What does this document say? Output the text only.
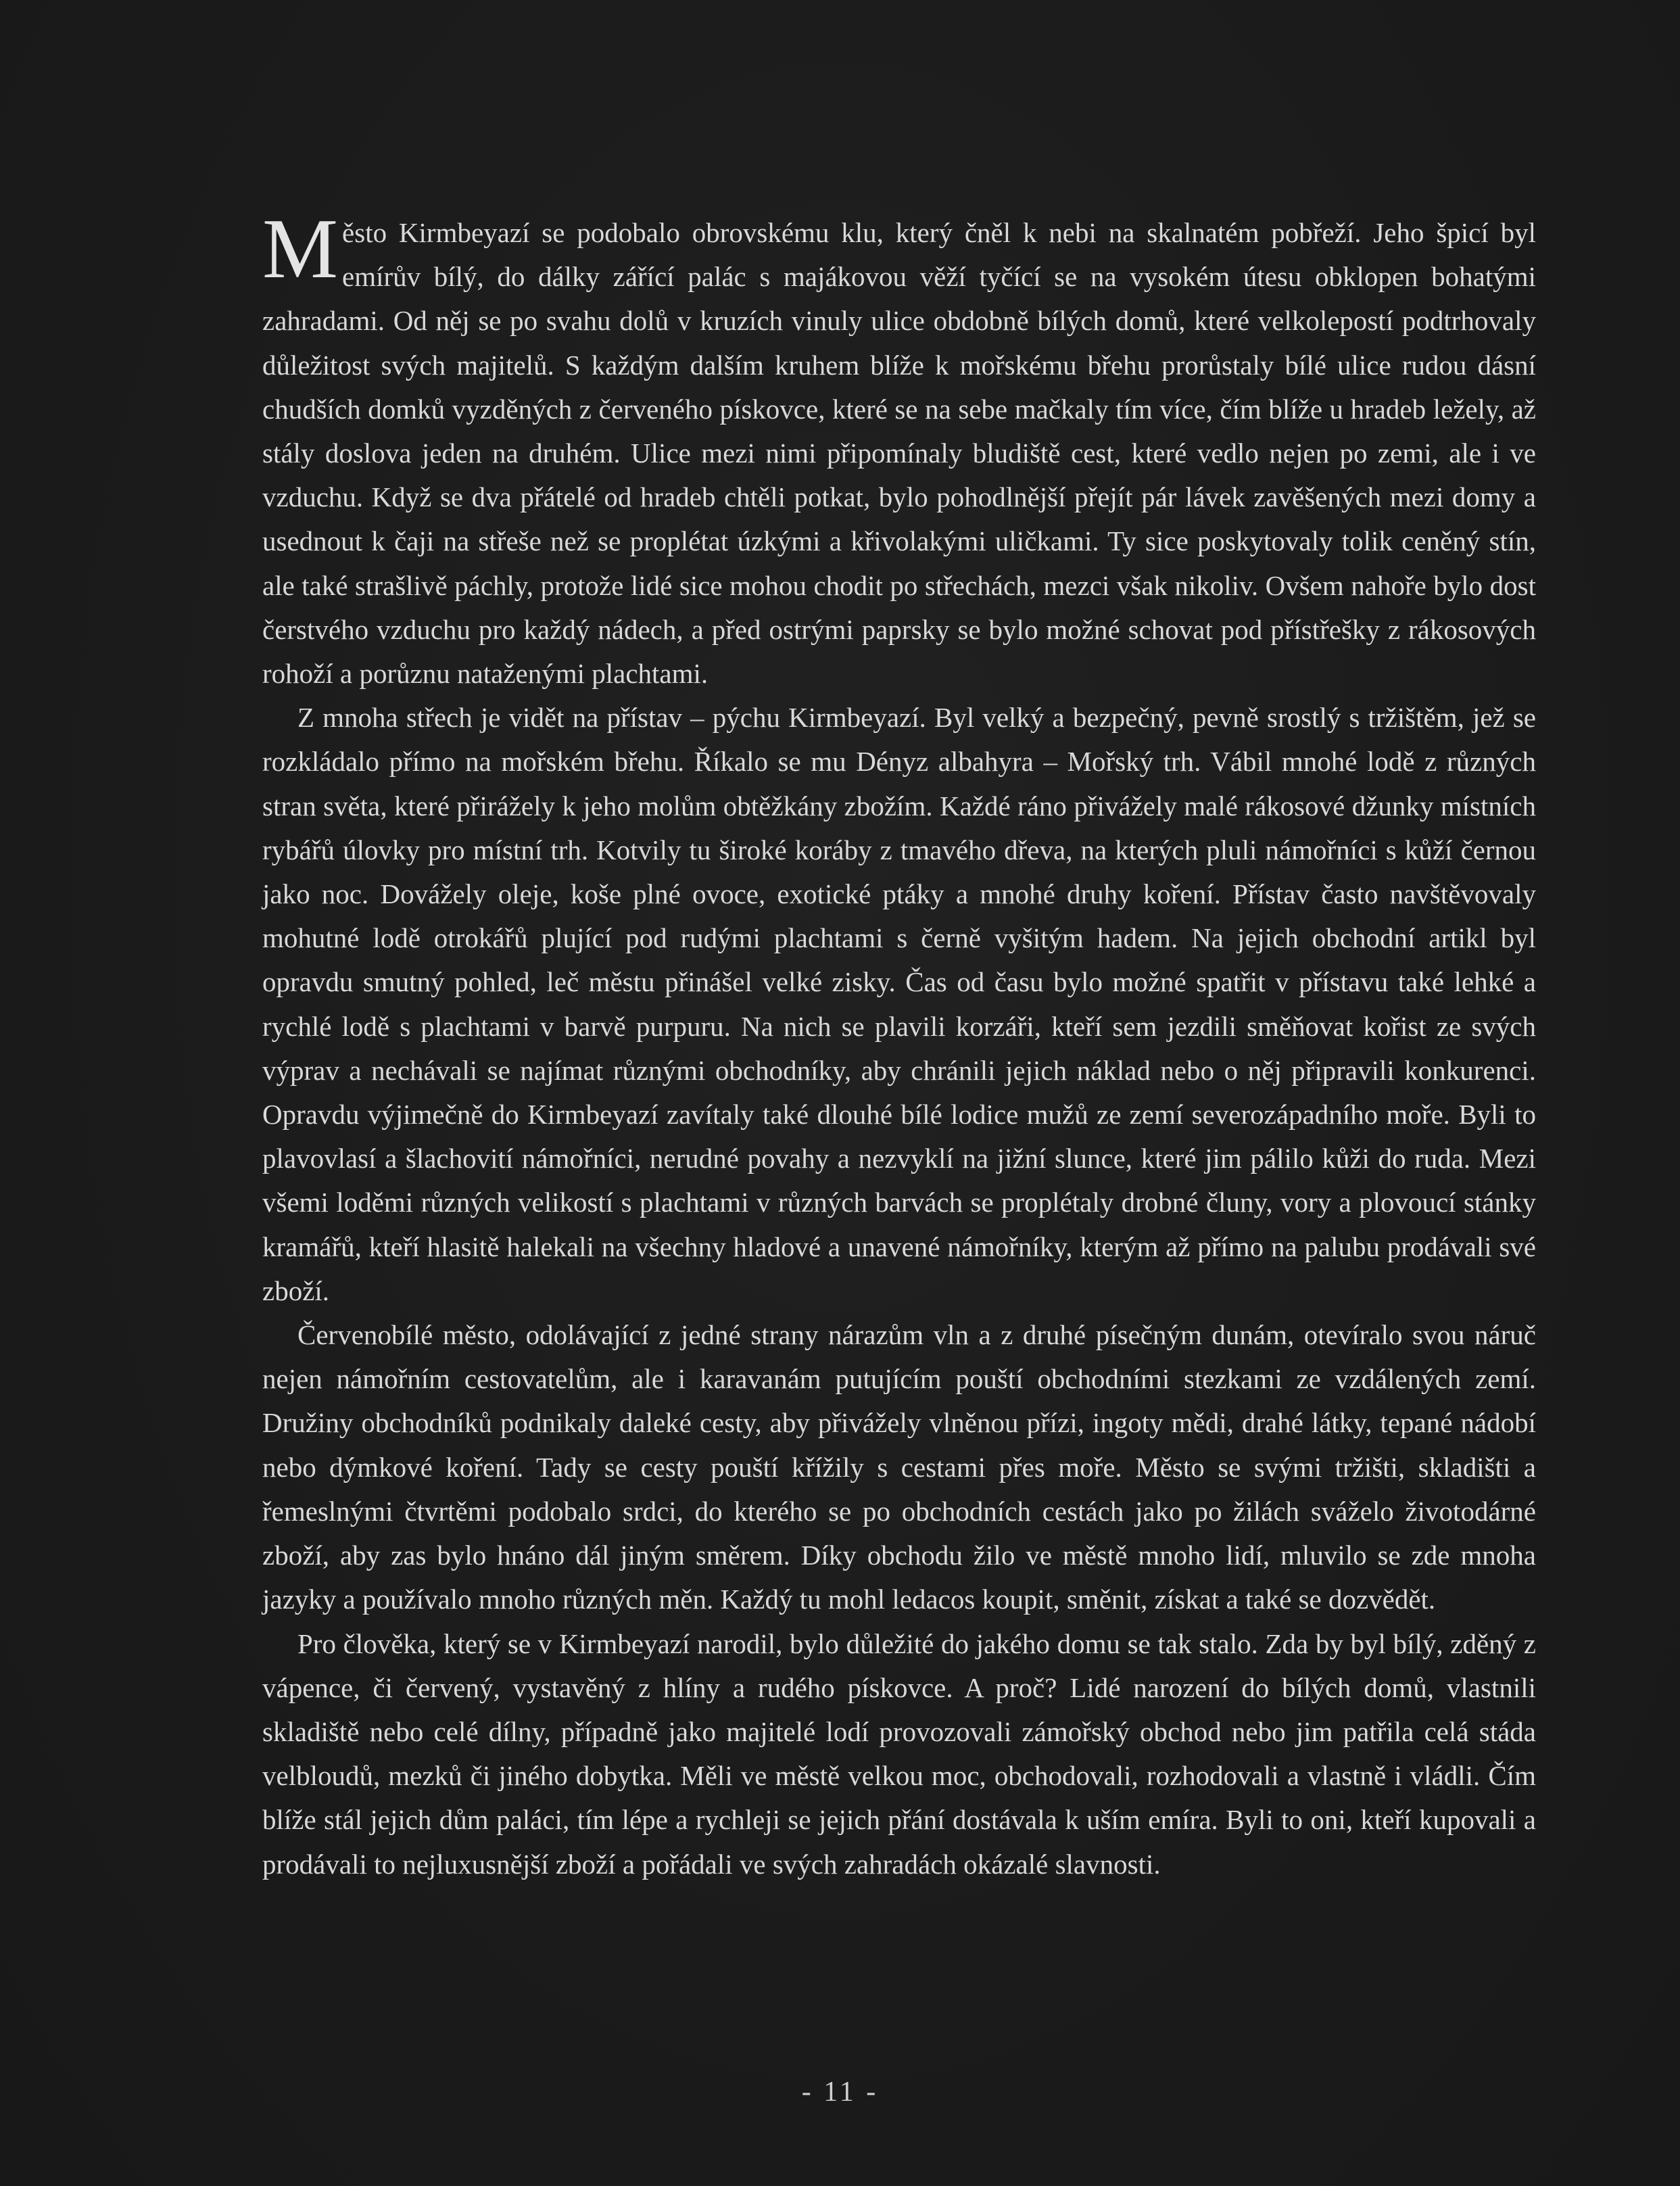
Město Kirmbeyazí se podobalo obrovskému klu, který čněl k nebi na skalnatém pobřeží. Jeho špicí byl emírův bílý, do dálky zářící palác s majákovou věží tyčící se na vysokém útesu obklopen bohatými zahradami. Od něj se po svahu dolů v kruzích vinuly ulice obdobně bílých domů, které velkolepostí podtrhovaly důležitost svých majitelů. S každým dalším kruhem blíže k mořskému břehu prorůstaly bílé ulice rudou dásní chudších domků vyzděných z červeného pískovce, které se na sebe mačkaly tím více, čím blíže u hradeb ležely, až stály doslova jeden na druhém. Ulice mezi nimi připomínaly bludiště cest, které vedlo nejen po zemi, ale i ve vzduchu. Když se dva přátelé od hradeb chtěli potkat, bylo pohodlnější přejít pár lávek zavěšených mezi domy a usednout k čaji na střeše než se proplétat úzkými a křivolakými uličkami. Ty sice poskytovaly tolik ceněný stín, ale také strašlivě páchly, protože lidé sice mohou chodit po střechách, mezci však nikoliv. Ovšem nahoře bylo dost čerstvého vzduchu pro každý nádech, a před ostrými paprsky se bylo možné schovat pod přístřešky z rákosových rohoží a porůznu nataženými plachtami.

Z mnoha střech je vidět na přístav – pýchu Kirmbeyazí. Byl velký a bezpečný, pevně srostlý s tržištěm, jež se rozkládalo přímo na mořském břehu. Říkalo se mu Dényz albahyra – Mořský trh. Vábil mnohé lodě z různých stran světa, které přirážely k jeho molům obtěžkány zbožím. Každé ráno přivážely malé rákosové džunky místních rybářů úlovky pro místní trh. Kotvily tu široké koráby z tmavého dřeva, na kterých pluli námořníci s kůží černou jako noc. Dovážely oleje, koše plné ovoce, exotické ptáky a mnohé druhy koření. Přístav často navštěvovaly mohutné lodě otrokářů plující pod rudými plachtami s černě vyšitým hadem. Na jejich obchodní artikl byl opravdu smutný pohled, leč městu přinášel velké zisky. Čas od času bylo možné spatřit v přístavu také lehké a rychlé lodě s plachtami v barvě purpuru. Na nich se plavili korzáři, kteří sem jezdili směňovat kořist ze svých výprav a nechávali se najímat různými obchodníky, aby chránili jejich náklad nebo o něj připravili konkurenci. Opravdu výjimečně do Kirmbeyazí zavítaly také dlouhé bílé lodice mužů ze zemí severozápadního moře. Byli to plavovlasí a šlachovití námořníci, nerudné povahy a nezvyklí na jižní slunce, které jim pálilo kůži do ruda. Mezi všemi loděmi různých velikostí s plachtami v různých barvách se proplétaly drobné čluny, vory a plovoucí stánky kramářů, kteří hlasitě halekali na všechny hladové a unavené námořníky, kterým až přímo na palubu prodávali své zboží.

Červenobílé město, odolávající z jedné strany nárazům vln a z druhé písečným dunám, otevíralo svou náruč nejen námořním cestovatelům, ale i karavanám putujícím pouští obchodními stezkami ze vzdálených zemí. Družiny obchodníků podnikaly daleké cesty, aby přivážely vlněnou přízi, ingoty mědi, drahé látky, tepané nádobí nebo dýmkové koření. Tady se cesty pouští křížily s cestami přes moře. Město se svými tržišti, skladišti a řemeslnými čtvrtěmi podobalo srdci, do kterého se po obchodních cestách jako po žilách sváželo životodárné zboží, aby zas bylo hnáno dál jiným směrem. Díky obchodu žilo ve městě mnoho lidí, mluvilo se zde mnoha jazyky a používalo mnoho různých měn. Každý tu mohl ledacos koupit, směnit, získat a také se dozvědět.

Pro člověka, který se v Kirmbeyazí narodil, bylo důležité do jakého domu se tak stalo. Zda by byl bílý, zděný z vápence, či červený, vystavěný z hlíny a rudého pískovce. A proč? Lidé narození do bílých domů, vlastnili skladiště nebo celé dílny, případně jako majitelé lodí provozovali zámořský obchod nebo jim patřila celá stáda velbloudů, mezků či jiného dobytka. Měli ve městě velkou moc, obchodovali, rozhodovali a vlastně i vládli. Čím blíže stál jejich dům paláci, tím lépe a rychleji se jejich přání dostávala k uším emíra. Byli to oni, kteří kupovali a prodávali to nejluxusnější zboží a pořádali ve svých zahradách okázalé slavnosti.

- 11 -
